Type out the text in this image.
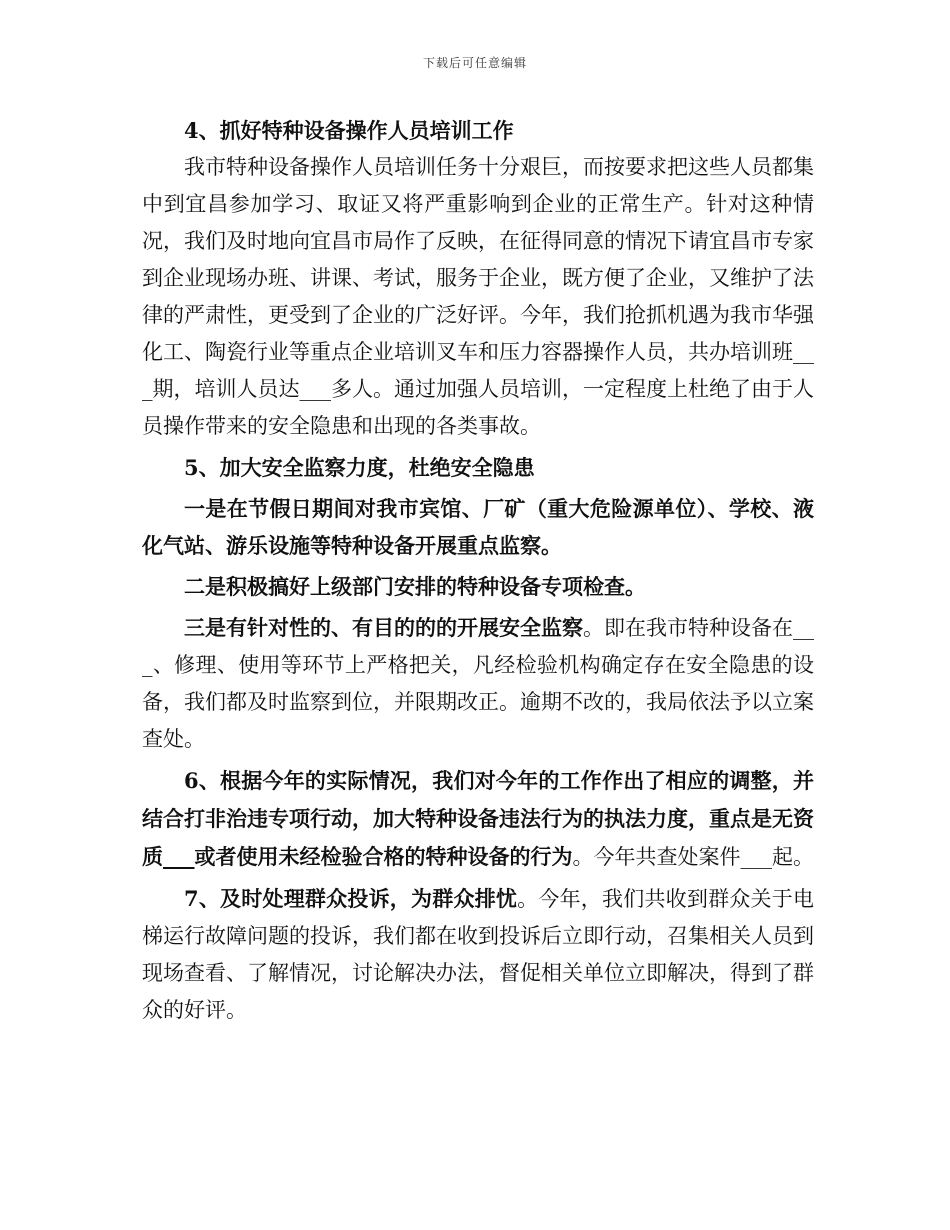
下载后可任意编辑

4、抓好特种设备操作人员培训工作

我市特种设备操作人员培训任务十分艰巨，而按要求把这些人员都集中到宜昌参加学习、取证又将严重影响到企业的正常生产。针对这种情况，我们及时地向宜昌市局作了反映，在征得同意的情况下请宜昌市专家到企业现场办班、讲课、考试，服务于企业，既方便了企业，又维护了法律的严肃性，更受到了企业的广泛好评。今年，我们抢抓机遇为我市华强化工、陶瓷行业等重点企业培训叉车和压力容器操作人员，共办培训班___期，培训人员达___多人。通过加强人员培训，一定程度上杜绝了由于人员操作带来的安全隐患和出现的各类事故。

5、加大安全监察力度，杜绝安全隐患

一是在节假日期间对我市宾馆、厂矿（重大危险源单位）、学校、液化气站、游乐设施等特种设备开展重点监察。

二是积极搞好上级部门安排的特种设备专项检查。

三是有针对性的、有目的的的开展安全监察。即在我市特种设备在___、修理、使用等环节上严格把关，凡经检验机构确定存在安全隐患的设备，我们都及时监察到位，并限期改正。逾期不改的，我局依法予以立案查处。

6、根据今年的实际情况，我们对今年的工作作出了相应的调整，并结合打非治违专项行动，加大特种设备违法行为的执法力度，重点是无资质___或者使用未经检验合格的特种设备的行为。今年共查处案件___起。

7、及时处理群众投诉，为群众排忧。今年，我们共收到群众关于电梯运行故障问题的投诉，我们都在收到投诉后立即行动，召集相关人员到现场查看、了解情况，讨论解决办法，督促相关单位立即解决，得到了群众的好评。
